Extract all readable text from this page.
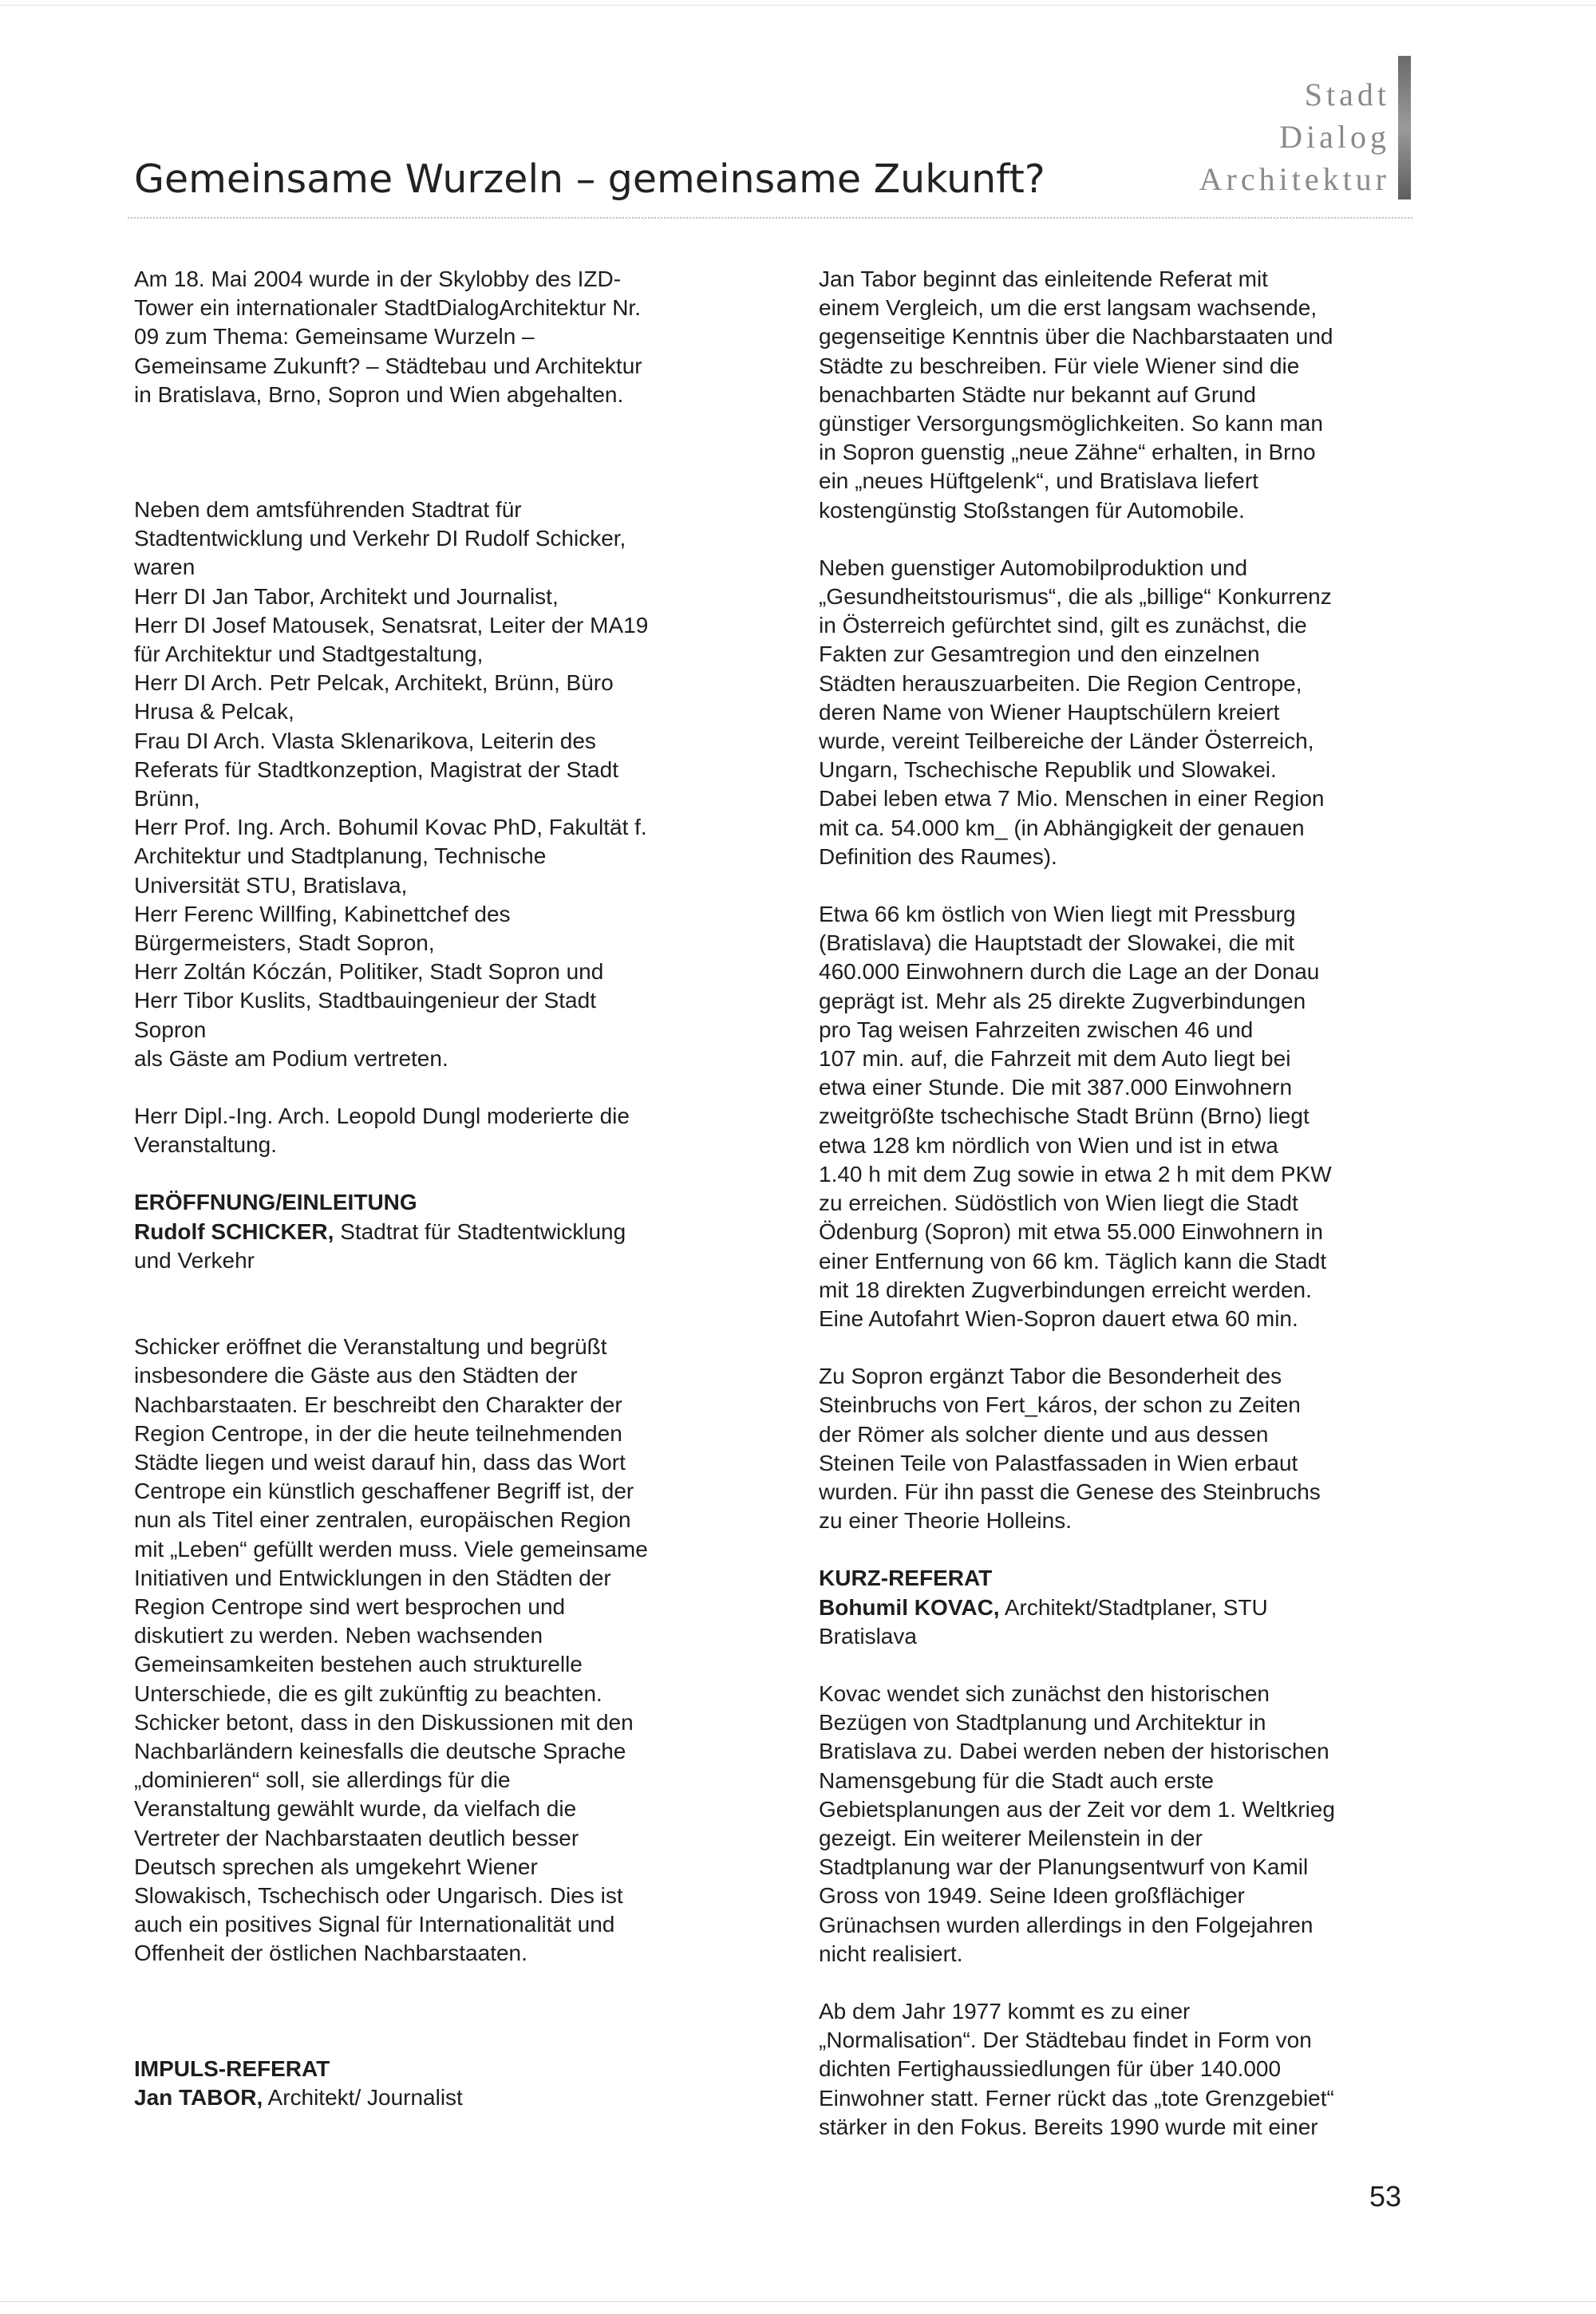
Gemeinsame Wurzeln – gemeinsame Zukunft?
Stadt
Dialog
Architektur

Am 18. Mai 2004 wurde in der Skylobby des IZD-
Tower ein internationaler StadtDialogArchitektur Nr.
09 zum Thema: Gemeinsame Wurzeln –
Gemeinsame Zukunft? – Städtebau und Architektur
in Bratislava, Brno, Sopron und Wien abgehalten.

Neben dem amtsführenden Stadtrat für
Stadtentwicklung und Verkehr DI Rudolf Schicker,
waren
Herr DI Jan Tabor, Architekt und Journalist,
Herr DI Josef Matousek, Senatsrat, Leiter der MA19
für Architektur und Stadtgestaltung,
Herr DI Arch. Petr Pelcak, Architekt, Brünn, Büro
Hrusa & Pelcak,
Frau DI Arch. Vlasta Sklenarikova, Leiterin des
Referats für Stadtkonzeption, Magistrat der Stadt
Brünn,
Herr Prof. Ing. Arch. Bohumil Kovac PhD, Fakultät f.
Architektur und Stadtplanung, Technische
Universität STU, Bratislava,
Herr Ferenc Willfing, Kabinettchef des
Bürgermeisters, Stadt Sopron,
Herr Zoltán Kóczán, Politiker, Stadt Sopron und
Herr Tibor Kuslits, Stadtbauingenieur der Stadt
Sopron
als Gäste am Podium vertreten.

Herr Dipl.-Ing. Arch. Leopold Dungl moderierte die
Veranstaltung.

ERÖFFNUNG/EINLEITUNG
Rudolf SCHICKER, Stadtrat für Stadtentwicklung
und Verkehr

Schicker eröffnet die Veranstaltung und begrüßt
insbesondere die Gäste aus den Städten der
Nachbarstaaten. Er beschreibt den Charakter der
Region Centrope, in der die heute teilnehmenden
Städte liegen und weist darauf hin, dass das Wort
Centrope ein künstlich geschaffener Begriff ist, der
nun als Titel einer zentralen, europäischen Region
mit „Leben“ gefüllt werden muss. Viele gemeinsame
Initiativen und Entwicklungen in den Städten der
Region Centrope sind wert besprochen und
diskutiert zu werden. Neben wachsenden
Gemeinsamkeiten bestehen auch strukturelle
Unterschiede, die es gilt zukünftig zu beachten.
Schicker betont, dass in den Diskussionen mit den
Nachbarländern keinesfalls die deutsche Sprache
„dominieren“ soll, sie allerdings für die
Veranstaltung gewählt wurde, da vielfach die
Vertreter der Nachbarstaaten deutlich besser
Deutsch sprechen als umgekehrt Wiener
Slowakisch, Tschechisch oder Ungarisch. Dies ist
auch ein positives Signal für Internationalität und
Offenheit der östlichen Nachbarstaaten.

IMPULS-REFERAT
Jan TABOR, Architekt/ Journalist

Jan Tabor beginnt das einleitende Referat mit
einem Vergleich, um die erst langsam wachsende,
gegenseitige Kenntnis über die Nachbarstaaten und
Städte zu beschreiben. Für viele Wiener sind die
benachbarten Städte nur bekannt auf Grund
günstiger Versorgungsmöglichkeiten. So kann man
in Sopron guenstig „neue Zähne“ erhalten, in Brno
ein „neues Hüftgelenk“, und Bratislava liefert
kostengünstig Stoßstangen für Automobile.

Neben guenstiger Automobilproduktion und
„Gesundheitstourismus“, die als „billige“ Konkurrenz
in Österreich gefürchtet sind, gilt es zunächst, die
Fakten zur Gesamtregion und den einzelnen
Städten herauszuarbeiten. Die Region Centrope,
deren Name von Wiener Hauptschülern kreiert
wurde, vereint Teilbereiche der Länder Österreich,
Ungarn, Tschechische Republik und Slowakei.
Dabei leben etwa 7 Mio. Menschen in einer Region
mit ca. 54.000 km_ (in Abhängigkeit der genauen
Definition des Raumes).

Etwa 66 km östlich von Wien liegt mit Pressburg
(Bratislava) die Hauptstadt der Slowakei, die mit
460.000 Einwohnern durch die Lage an der Donau
geprägt ist. Mehr als 25 direkte Zugverbindungen
pro Tag weisen Fahrzeiten zwischen 46 und
107 min. auf, die Fahrzeit mit dem Auto liegt bei
etwa einer Stunde. Die mit 387.000 Einwohnern
zweitgrößte tschechische Stadt Brünn (Brno) liegt
etwa 128 km nördlich von Wien und ist in etwa
1.40 h mit dem Zug sowie in etwa 2 h mit dem PKW
zu erreichen. Südöstlich von Wien liegt die Stadt
Ödenburg (Sopron) mit etwa 55.000 Einwohnern in
einer Entfernung von 66 km. Täglich kann die Stadt
mit 18 direkten Zugverbindungen erreicht werden.
Eine Autofahrt Wien-Sopron dauert etwa 60 min.

Zu Sopron ergänzt Tabor die Besonderheit des
Steinbruchs von Fert_káros, der schon zu Zeiten
der Römer als solcher diente und aus dessen
Steinen Teile von Palastfassaden in Wien erbaut
wurden. Für ihn passt die Genese des Steinbruchs
zu einer Theorie Holleins.

KURZ-REFERAT
Bohumil KOVAC, Architekt/Stadtplaner, STU
Bratislava

Kovac wendet sich zunächst den historischen
Bezügen von Stadtplanung und Architektur in
Bratislava zu. Dabei werden neben der historischen
Namensgebung für die Stadt auch erste
Gebietsplanungen aus der Zeit vor dem 1. Weltkrieg
gezeigt. Ein weiterer Meilenstein in der
Stadtplanung war der Planungsentwurf von Kamil
Gross von 1949. Seine Ideen großflächiger
Grünachsen wurden allerdings in den Folgejahren
nicht realisiert.

Ab dem Jahr 1977 kommt es zu einer
„Normalisation“. Der Städtebau findet in Form von
dichten Fertighaussiedlungen für über 140.000
Einwohner statt. Ferner rückt das „tote Grenzgebiet“
stärker in den Fokus. Bereits 1990 wurde mit einer

53
